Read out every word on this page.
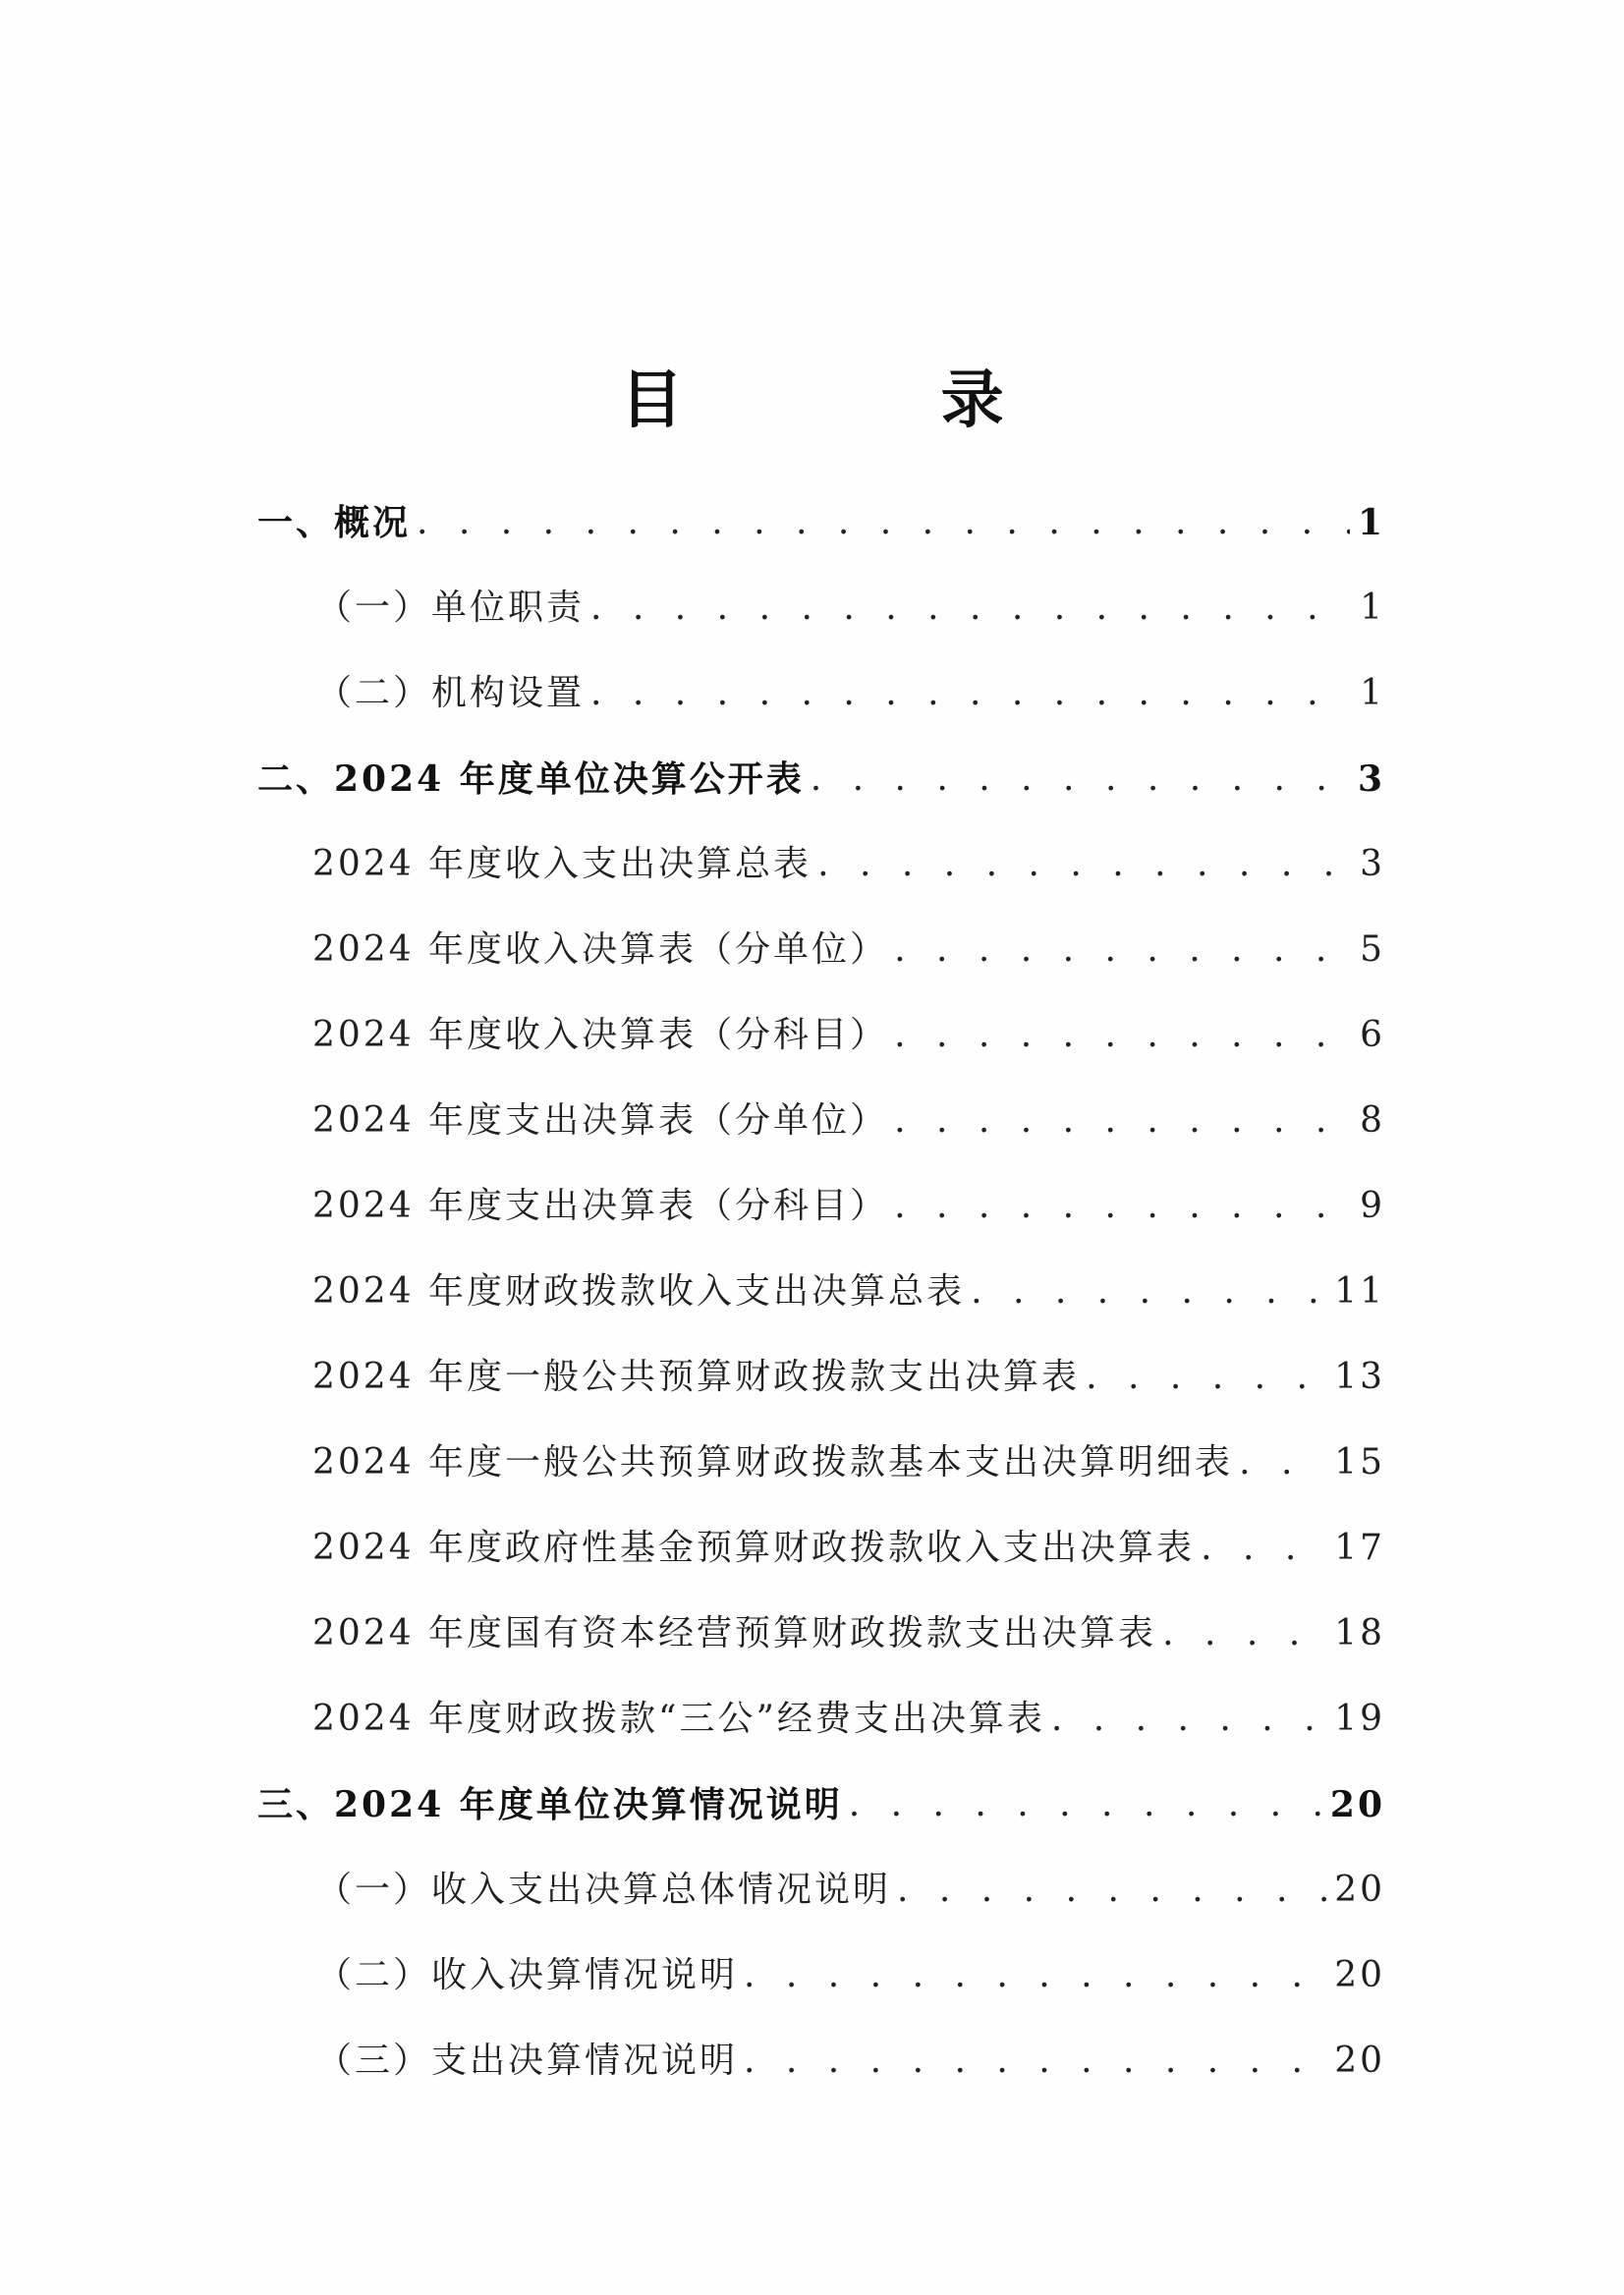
目 录
一、概况 . . .	1
（一）单位职责 . . .	1
（二）机构设置 . . .	1
二、2024 年度单位决算公开表 . . .	3
2024 年度收入支出决算总表 . . .	3
2024 年度收入决算表（分单位） . . .	5
2024 年度收入决算表（分科目） . . .	6
2024 年度支出决算表（分单位） . . .	8
2024 年度支出决算表（分科目） . . .	9
2024 年度财政拨款收入支出决算总表 . . .	11
2024 年度一般公共预算财政拨款支出决算表 . . .	13
2024 年度一般公共预算财政拨款基本支出决算明细表 . . .	15
2024 年度政府性基金预算财政拨款收入支出决算表 . . .	17
2024 年度国有资本经营预算财政拨款支出决算表 . . .	18
2024 年度财政拨款“三公”经费支出决算表 . . .	19
三、2024 年度单位决算情况说明 . . .	20
（一）收入支出决算总体情况说明 . . .	20
（二）收入决算情况说明 . . .	20
（三）支出决算情况说明 . . .	20
